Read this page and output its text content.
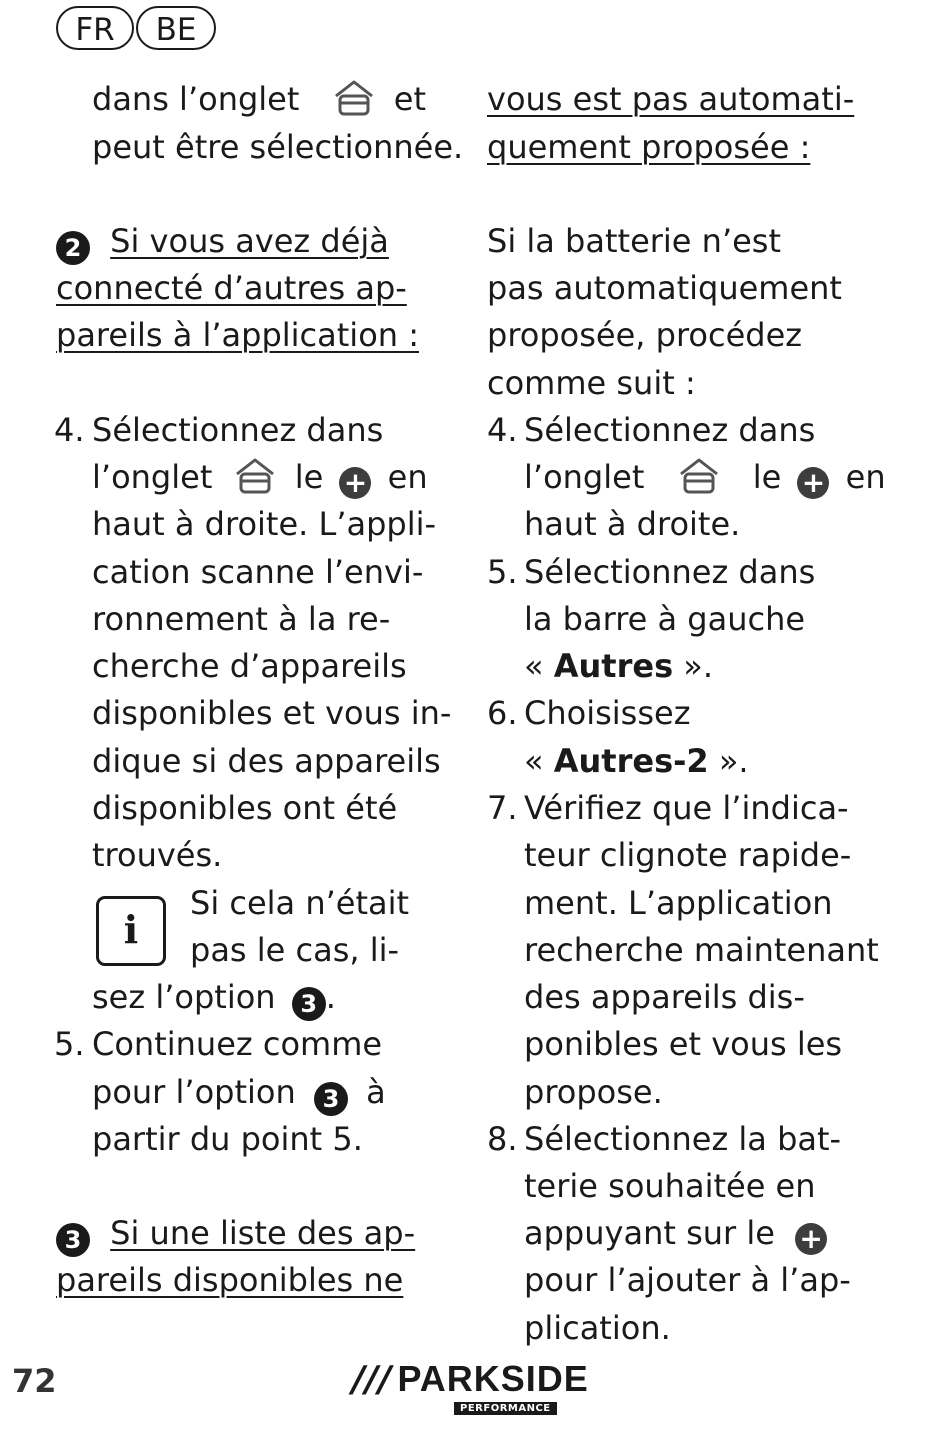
FR	BE
dans l’onglet	et
peut être sélectionnée.
2 Si vous avez déjà
connecté d’autres ap-
pareils à l’application :
4. Sélectionnez dans
l’onglet	le + en
haut à droite. L’appli-
cation scanne l’envi-
ronnement à la re-
cherche d’appareils
disponibles et vous in-
dique si des appareils
disponibles ont été
trouvés.
i
Si cela n’était
pas le cas, li-
sez l’option 3 .
5. Continuez comme
pour l’option 3 à
partir du point 5.
3 Si une liste des ap-
pareils disponibles ne
vous est pas automati-
quement proposée :
Si la batterie n’est
pas automatiquement
proposée, procédez
comme suit :
4. Sélectionnez dans
l’onglet	le + en
haut à droite.
5. Sélectionnez dans
la barre à gauche
« Autres ».
6. Choisissez
« Autres-2 ».
7. Vérifiez que l’indica-
teur clignote rapide-
ment. L’application
recherche maintenant
des appareils dis-
ponibles et vous les
propose.
8. Sélectionnez la bat-
terie souhaitée en
appuyant sur le +
pour l’ajouter à l’ap-
plication.
72	/// PARKSIDE
PERFORMANCE
